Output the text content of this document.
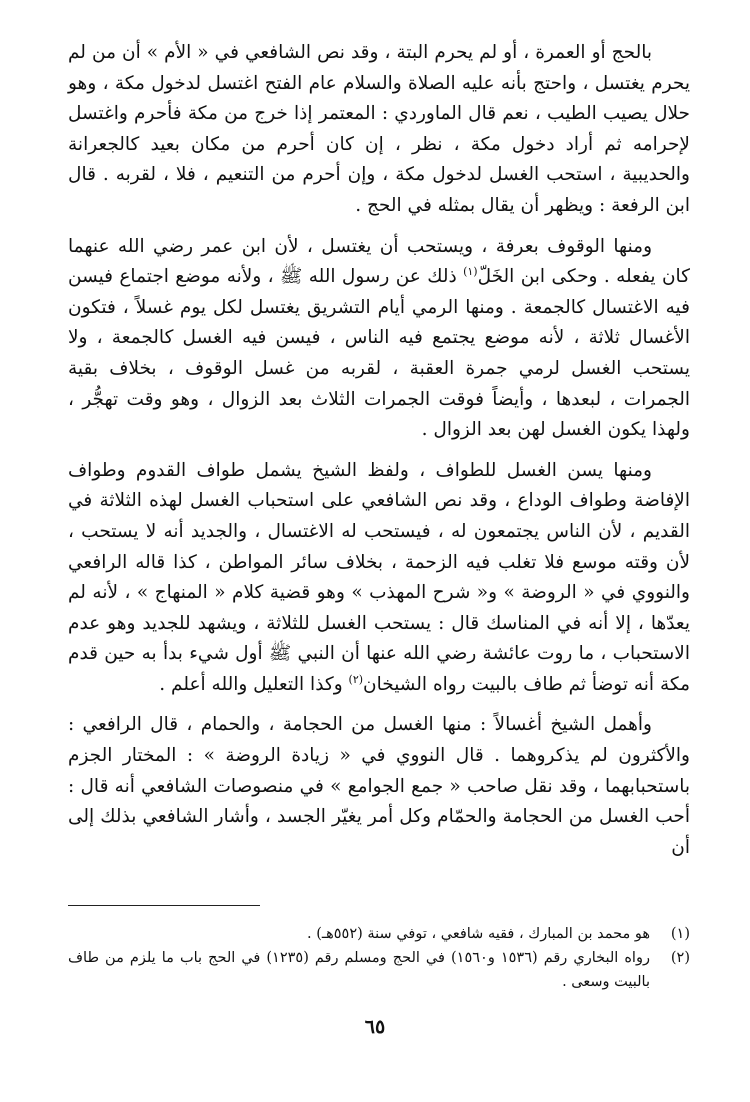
بالحج أو العمرة ، أو لم يحرم البتة ، وقد نص الشافعي في « الأم » أن من لم يحرم يغتسل ، واحتج بأنه عليه الصلاة والسلام عام الفتح اغتسل لدخول مكة ، وهو حلال يصيب الطيب ، نعم قال الماوردي : المعتمر إذا خرج من مكة فأحرم واغتسل لإحرامه ثم أراد دخول مكة ، نظر ، إن كان أحرم من مكان بعيد كالجعرانة والحديبية ، استحب الغسل لدخول مكة ، وإن أحرم من التنعيم ، فلا ، لقربه . قال ابن الرفعة : ويظهر أن يقال بمثله في الحج .

ومنها الوقوف بعرفة ، ويستحب أن يغتسل ، لأن ابن عمر رضي الله عنهما كان يفعله . وحكى ابن الخَلّ$^{(١)}$ ذلك عن رسول الله ﷺ ، ولأنه موضع اجتماع فيسن فيه الاغتسال كالجمعة . ومنها الرمي أيام التشريق يغتسل لكل يوم غسلاً ، فتكون الأغسال ثلاثة ، لأنه موضع يجتمع فيه الناس ، فيسن فيه الغسل كالجمعة ، ولا يستحب الغسل لرمي جمرة العقبة ، لقربه من غسل الوقوف ، بخلاف بقية الجمرات ، لبعدها ، وأيضاً فوقت الجمرات الثلاث بعد الزوال ، وهو وقت تهجُّر ، ولهذا يكون الغسل لهن بعد الزوال .

ومنها يسن الغسل للطواف ، ولفظ الشيخ يشمل طواف القدوم وطواف الإفاضة وطواف الوداع ، وقد نص الشافعي على استحباب الغسل لهذه الثلاثة في القديم ، لأن الناس يجتمعون له ، فيستحب له الاغتسال ، والجديد أنه لا يستحب ، لأن وقته موسع فلا تغلب فيه الزحمة ، بخلاف سائر المواطن ، كذا قاله الرافعي والنووي في « الروضة » و« شرح المهذب » وهو قضية كلام « المنهاج » ، لأنه لم يعدّها ، إلا أنه في المناسك قال : يستحب الغسل للثلاثة ، ويشهد للجديد وهو عدم الاستحباب ، ما روت عائشة رضي الله عنها أن النبي ﷺ أول شيء بدأ به حين قدم مكة أنه توضأ ثم طاف بالبيت رواه الشيخان$^{(٢)}$ وكذا التعليل والله أعلم .

وأهمل الشيخ أغسالاً : منها الغسل من الحجامة ، والحمام ، قال الرافعي : والأكثرون لم يذكروهما . قال النووي في « زيادة الروضة » : المختار الجزم باستحبابهما ، وقد نقل صاحب « جمع الجوامع » في منصوصات الشافعي أنه قال : أحب الغسل من الحجامة والحمّام وكل أمر يغيّر الجسد ، وأشار الشافعي بذلك إلى أن

(١)
هو محمد بن المبارك ، فقيه شافعي ، توفي سنة (٥٥٢هـ) .
(٢)
رواه البخاري رقم (١٥٣٦ و١٥٦٠) في الحج ومسلم رقم (١٢٣٥) في الحج باب ما يلزم من طاف بالبيت وسعى .
٦٥
